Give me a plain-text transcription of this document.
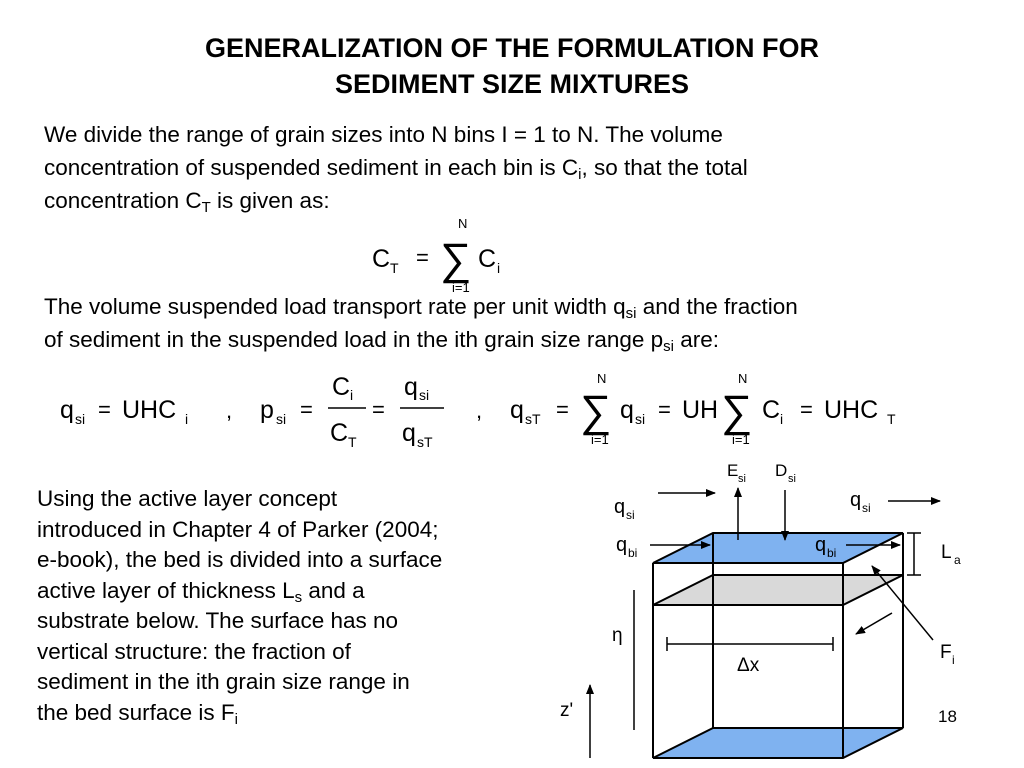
GENERALIZATION OF THE FORMULATION FOR
SEDIMENT SIZE MIXTURES
We divide the range of grain sizes into N bins I = 1 to N. The volume
concentration of suspended sediment in each bin is $C_i$, so that the total
concentration $C_T$ is given as:
C T =
N
∑
i=1
C i
The volume suspended load transport rate per unit width $q_{si}$ and the fraction
of sediment in the suspended load in the ith grain size range $p_{si}$ are:
q si = UHC i , p si =
C i
C T
=
q si
q sT
, q sT =
N
∑
i=1
q si = UH
N
∑
i=1
C i = UHC T
Using the active layer concept
introduced in Chapter 4 of Parker (2004;
e-book), the bed is divided into a surface
active layer of thickness $L_s$ and a
substrate below. The surface has no
vertical structure: the fraction of
sediment in the ith grain size range in
the bed surface is $F_i$
E si D si
q si
q si
q bi	q bi	L a
η
Δx
F i
z'	18
